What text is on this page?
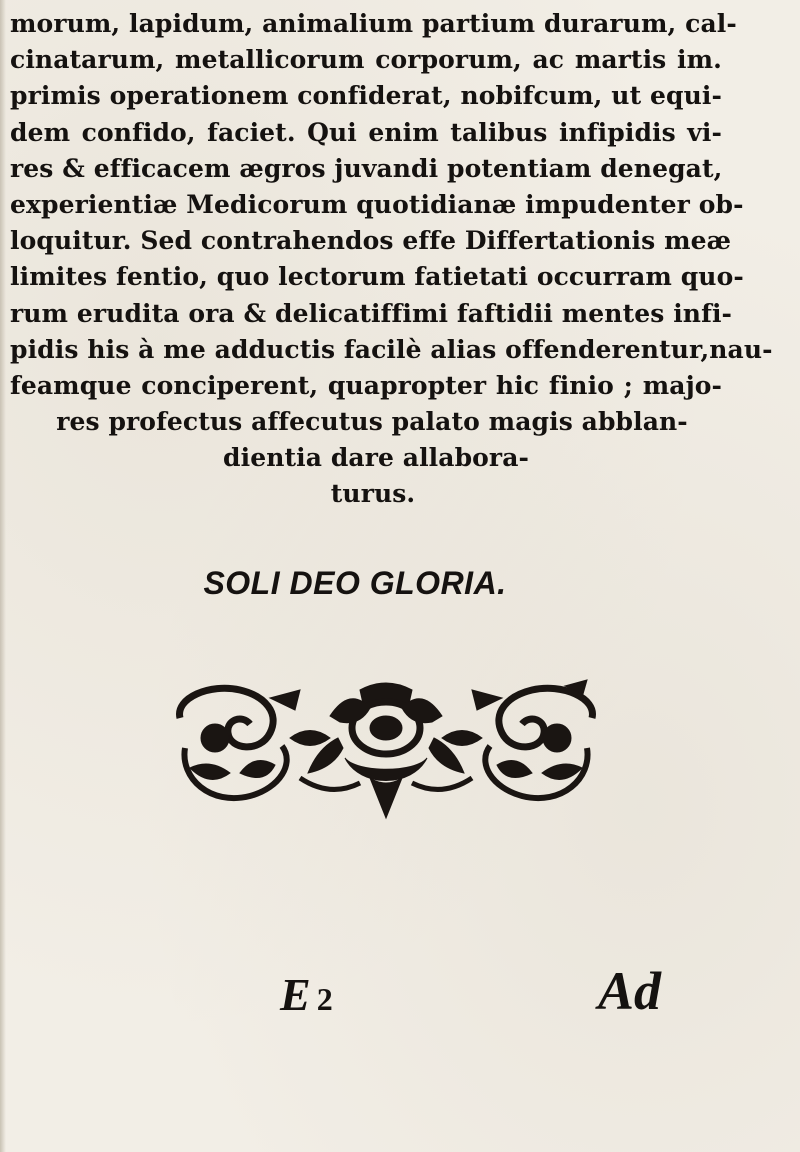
morum, lapidum, animalium partium durarum, cal-
cinatarum, metallicorum corporum, ac martis im.
primis operationem confiderat, nobifcum, ut equi-
dem confido, faciet. Qui enim talibus infipidis vi-
res & efficacem ægros juvandi potentiam denegat,
experientiæ Medicorum quotidianæ impudenter ob-
loquitur. Sed contrahendos effe Differtationis meæ
limites fentio, quo lectorum fatietati occurram quo-
rum erudita ora & delicatiffimi faftidii mentes infi-
pidis his à me adductis facilè alias offenderentur,nau-
feamque conciperent, quapropter hic finio ; majo-
res profectus affecutus palato magis abblan-
dientia dare allabora-
turus.
SOLI DEO GLORIA.
E 2	Ad
